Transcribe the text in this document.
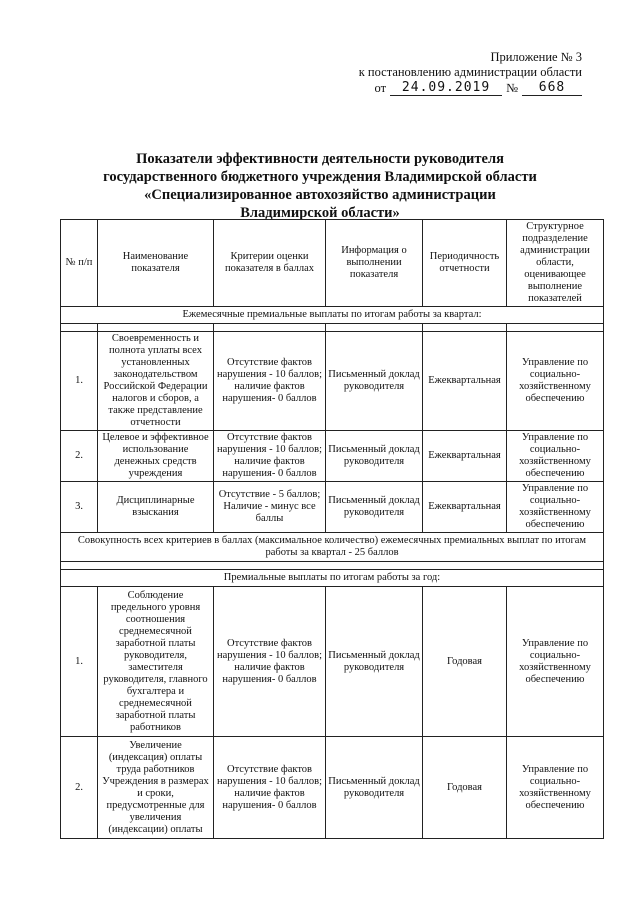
Приложение № 3
к постановлению администрации области
от	24.09.2019	№	668
Показатели эффективности деятельности руководителя
государственного бюджетного учреждения Владимирской области
«Специализированное автохозяйство администрации
Владимирской области»
№ п/п	Наименование показателя	Критерии оценки показателя в баллах	Информация о выполнении показателя	Периодичность отчетности	Структурное подразделение администрации области, оценивающее выполнение показателей
Ежемесячные премиальные выплаты по итогам работы за квартал:					

1.	Своевременность и полнота уплаты всех установленных законодательством Российской Федерации налогов и сборов, а также представление отчетности	Отсутствие фактов нарушения - 10 баллов; наличие фактов нарушения- 0 баллов	Письменный доклад руководителя	Ежеквартальная	Управление по социально-хозяйственному обеспечению
2.	Целевое и эффективное использование денежных средств учреждения	Отсутствие фактов нарушения - 10 баллов; наличие фактов нарушения- 0 баллов	Письменный доклад руководителя	Ежеквартальная	Управление по социально-хозяйственному обеспечению
3.	Дисциплинарные взыскания	Отсутствие - 5 баллов; Наличие - минус все баллы	Письменный доклад руководителя	Ежеквартальная	Управление по социально-хозяйственному обеспечению
Совокупность всех критериев в баллах (максимальное количество) ежемесячных премиальных выплат по итогам работы за квартал - 25 баллов					

Премиальные выплаты по итогам работы за год:					
1.	Соблюдение предельного уровня соотношения среднемесячной заработной платы руководителя, заместителя руководителя, главного бухгалтера и среднемесячной заработной платы работников	Отсутствие фактов нарушения - 10 баллов; наличие фактов нарушения- 0 баллов	Письменный доклад руководителя	Годовая	Управление по социально-хозяйственному обеспечению
2.	Увеличение (индексация) оплаты труда работников Учреждения в размерах и сроки, предусмотренные для увеличения (индексации) оплаты	Отсутствие фактов нарушения - 10 баллов; наличие фактов нарушения- 0 баллов	Письменный доклад руководителя	Годовая	Управление по социально-хозяйственному обеспечению
